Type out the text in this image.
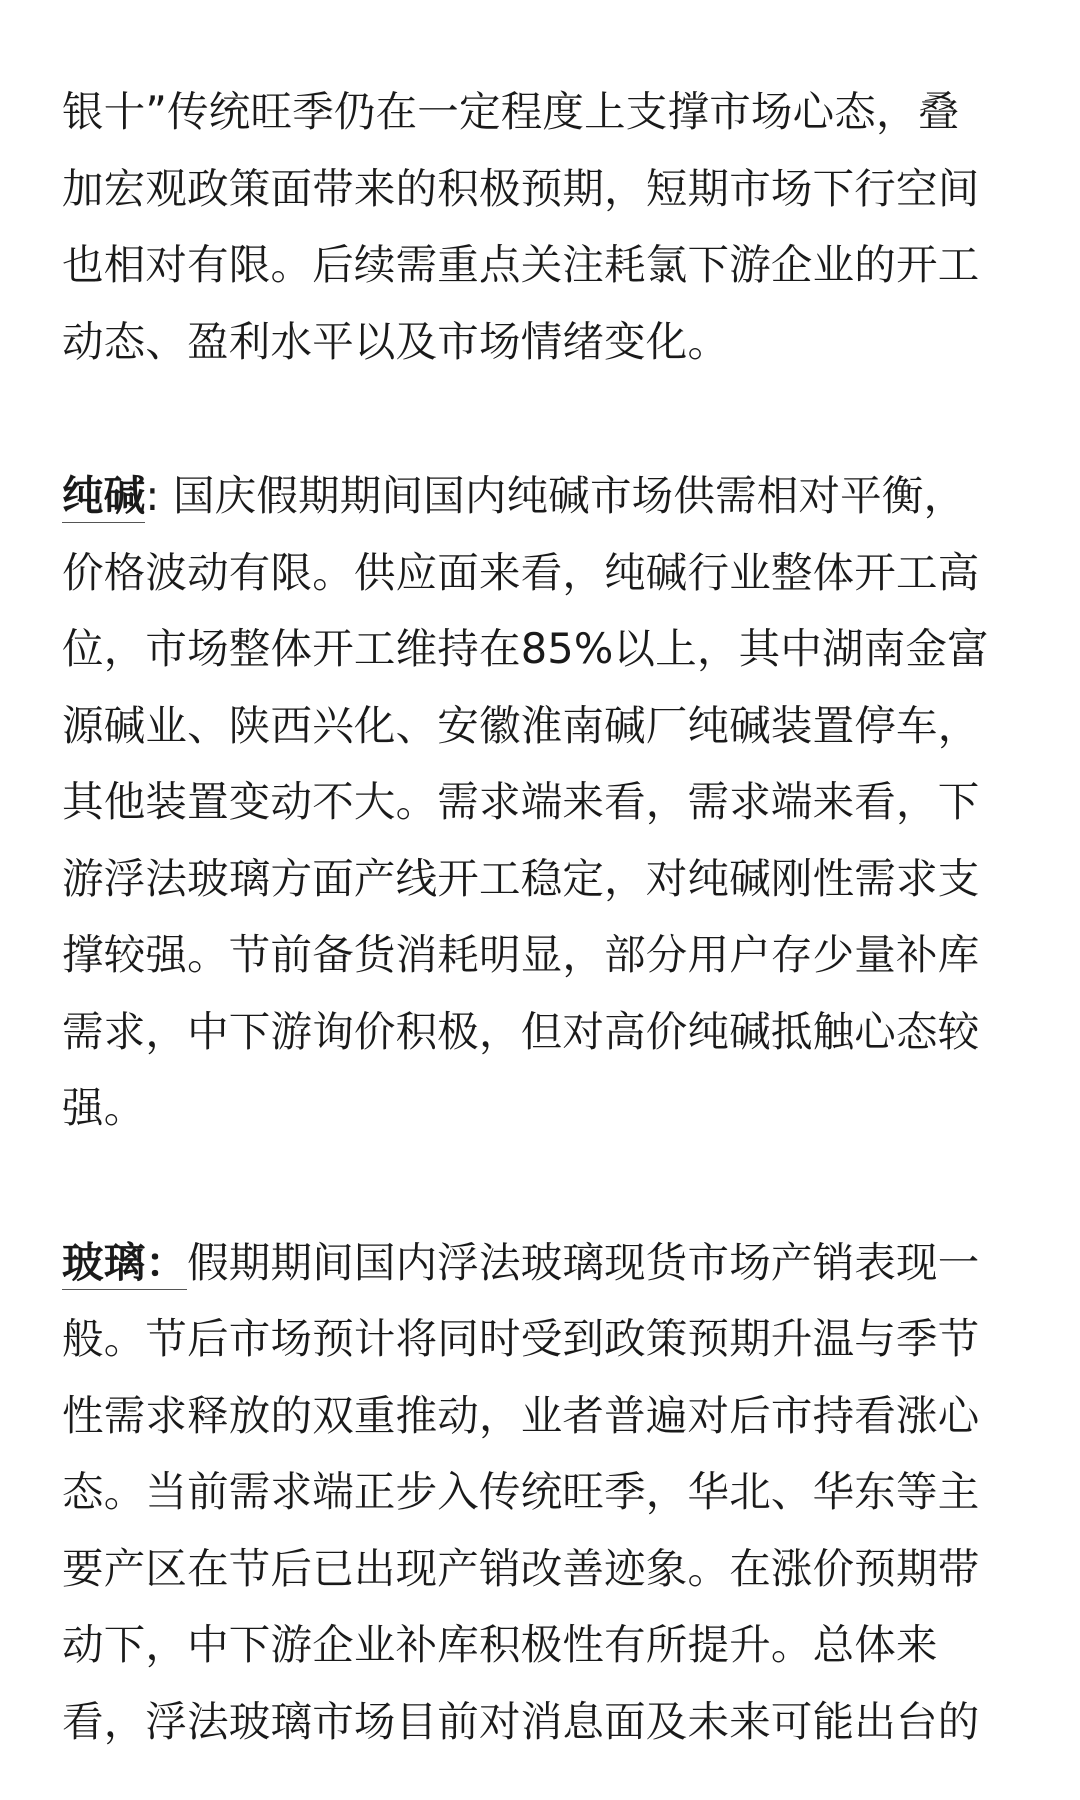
银十”传统旺季仍在一定程度上支撑市场心态，叠
加宏观政策面带来的积极预期，短期市场下行空间
也相对有限。后续需重点关注耗氯下游企业的开工
动态、盈利水平以及市场情绪变化。

纯碱: 国庆假期期间国内纯碱市场供需相对平衡，
价格波动有限。供应面来看，纯碱行业整体开工高
位，市场整体开工维持在85%以上，其中湖南金富
源碱业、陕西兴化、安徽淮南碱厂纯碱装置停车，
其他装置变动不大。需求端来看，需求端来看，下
游浮法玻璃方面产线开工稳定，对纯碱刚性需求支
撑较强。节前备货消耗明显，部分用户存少量补库
需求，中下游询价积极，但对高价纯碱抵触心态较
强。

玻璃：假期期间国内浮法玻璃现货市场产销表现一
般。节后市场预计将同时受到政策预期升温与季节
性需求释放的双重推动，业者普遍对后市持看涨心
态。当前需求端正步入传统旺季，华北、华东等主
要产区在节后已出现产销改善迹象。在涨价预期带
动下，中下游企业补库积极性有所提升。总体来
看，浮法玻璃市场目前对消息面及未来可能出台的
